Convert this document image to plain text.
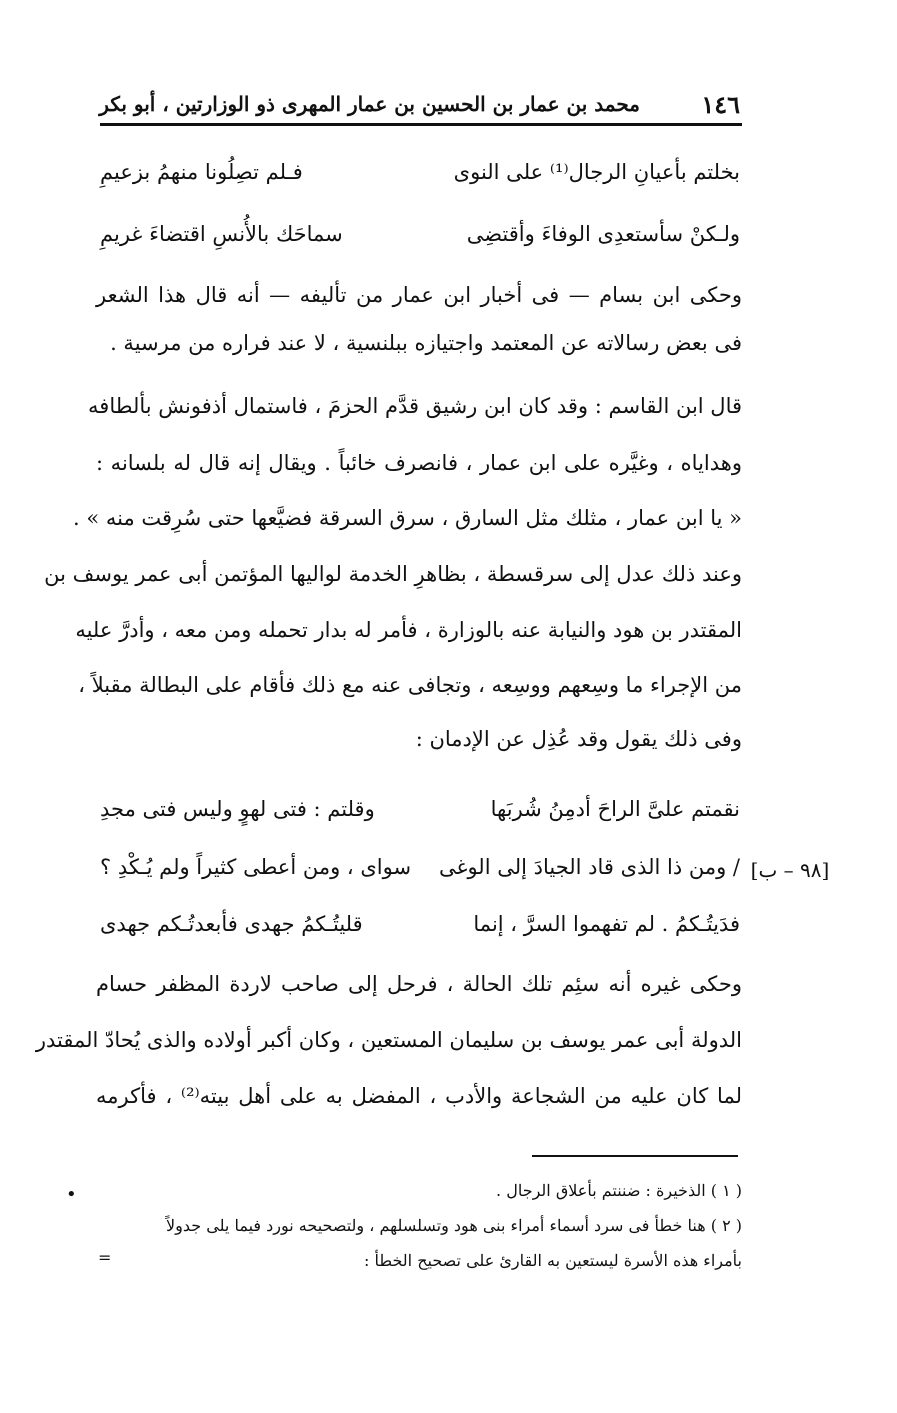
١٤٦
محمد بن عمار بن الحسين بن عمار المهرى ذو الوزارتين ، أبو بكر
بخلتم بأعيانِ الرجال⁽¹⁾ على النوى
فـلم تصِلُونا منهمُ بزعيمِ
ولـكنْ سأستعدِى الوفاءَ وأقتضِى
سماحَك بالأُنسِ اقتضاءَ غريمِ
وحكى ابن بسام — فى أخبار ابن عمار من تأليفه — أنه قال هذا الشعر
فى بعض رسالاته عن المعتمد واجتيازه ببلنسية ، لا عند فراره من مرسية .
قال ابن القاسم : وقد كان ابن رشيق قدَّم الحزمَ ، فاستمال أذفونش بألطافه
وهداياه ، وغيَّره على ابن عمار ، فانصرف خائباً . ويقال إنه قال له بلسانه :
« يا ابن عمار ، مثلك مثل السارق ، سرق السرقة فضيَّعها حتى سُرِقت منه » .
وعند ذلك عدل إلى سرقسطة ، بظاهرِ الخدمة لواليها المؤتمن أبى عمر يوسف بن
المقتدر بن هود والنيابة عنه بالوزارة ، فأمر له بدار تحمله ومن معه ، وأدرَّ عليه
من الإجراء ما وسِعهم ووسِعه ، وتجافى عنه مع ذلك فأقام على البطالة مقبلاً ،
وفى ذلك يقول وقد عُذِل عن الإدمان :
نقمتم علىَّ الراحَ أدمِنُ شُربَها
وقلتم : فتى لهوٍ وليس فتى مجدِ
/ ومن ذا الذى قاد الجيادَ إلى الوغى
سواى ، ومن أعطى كثيراً ولم يُـكْدِ ؟
فدَيتُـكمُ . لم تفهموا السرَّ ، إنما
قليتُـكمُ جهدى فأبعدتُـكم جهدى
[٩٨ – ب]
وحكى غيره أنه سئِم تلك الحالة ، فرحل إلى صاحب لاردة المظفر حسام
الدولة أبى عمر يوسف بن سليمان المستعين ، وكان أكبر أولاده والذى يُحادّ المقتدر
لما كان عليه من الشجاعة والأدب ، المفضل به على أهل بيته⁽²⁾ ، فأكرمه
( ١ ) الذخيرة : ضننتم بأعلاق الرجال .
( ٢ ) هنا خطأ فى سرد أسماء أمراء بنى هود وتسلسلهم ، ولتصحيحه نورد فيما يلى جدولاً
بأمراء هذه الأسرة ليستعين به القارئ على تصحيح الخطأ :
•
=
